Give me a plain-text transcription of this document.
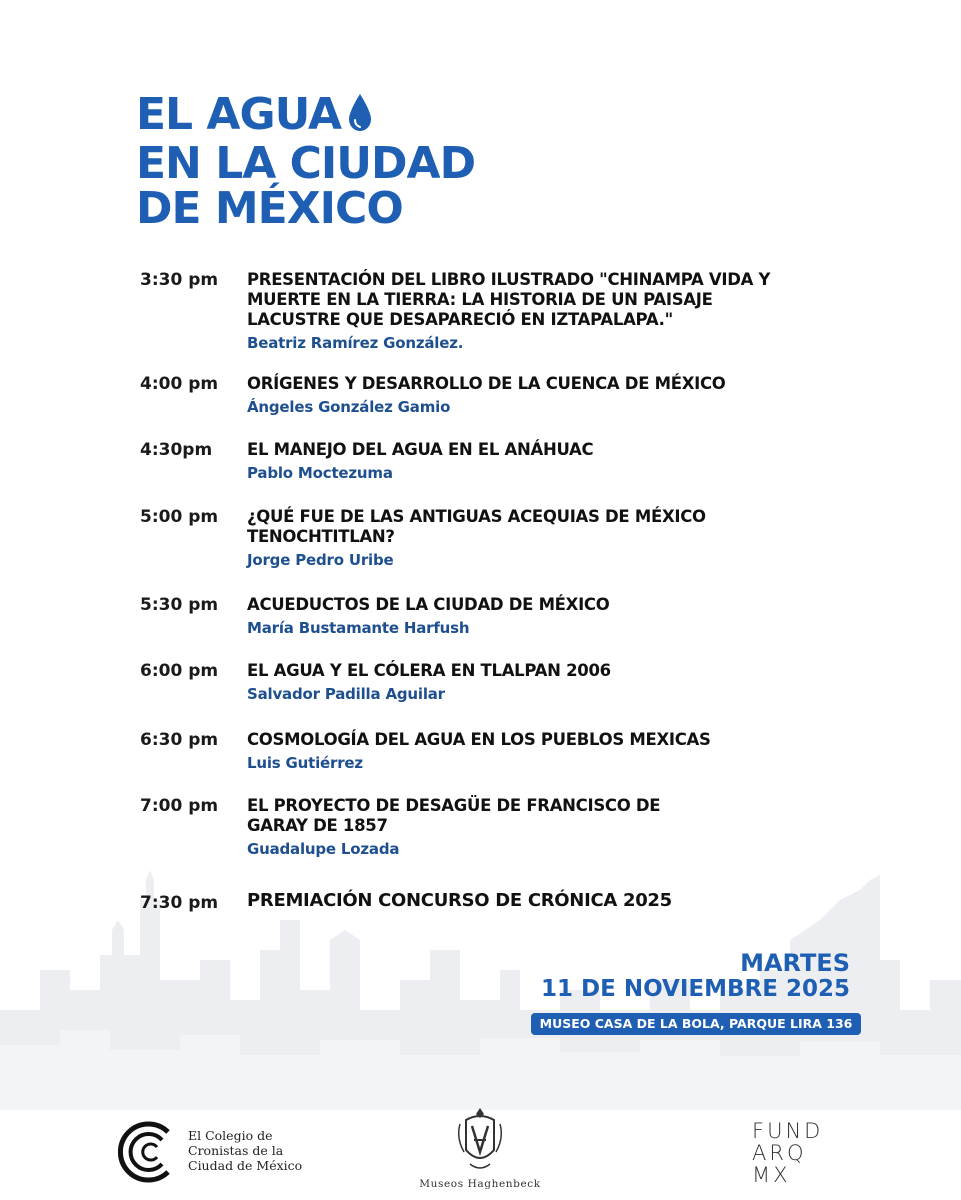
EL AGUA
EN LA CIUDAD
DE MÉXICO
3:30 pm PRESENTACIÓN DEL LIBRO ILUSTRADO "CHINAMPA VIDA Y MUERTE EN LA TIERRA: LA HISTORIA DE UN PAISAJE LACUSTRE QUE DESAPARECIÓ EN IZTAPALAPA."
Beatriz Ramírez González.
4:00 pm ORÍGENES Y DESARROLLO DE LA CUENCA DE MÉXICO
Ángeles González Gamio
4:30pm EL MANEJO DEL AGUA EN EL ANÁHUAC
Pablo Moctezuma
5:00 pm ¿QUÉ FUE DE LAS ANTIGUAS ACEQUIAS DE MÉXICO TENOCHTITLAN?
Jorge Pedro Uribe
5:30 pm ACUEDUCTOS DE LA CIUDAD DE MÉXICO
María Bustamante Harfush
6:00 pm EL AGUA Y EL CÓLERA EN TLALPAN 2006
Salvador Padilla Aguilar
6:30 pm COSMOLOGÍA DEL AGUA EN LOS PUEBLOS MEXICAS
Luis Gutiérrez
7:00 pm EL PROYECTO DE DESAGÜE DE FRANCISCO DE GARAY DE 1857
Guadalupe Lozada
7:30 pm PREMIACIÓN CONCURSO DE CRÓNICA 2025
MARTES
11 DE NOVIEMBRE 2025
MUSEO CASA DE LA BOLA, PARQUE LIRA 136
El Colegio de
Cronistas de la
Ciudad de México
Museos Haghenbeck
FUND
ARQ
MX
